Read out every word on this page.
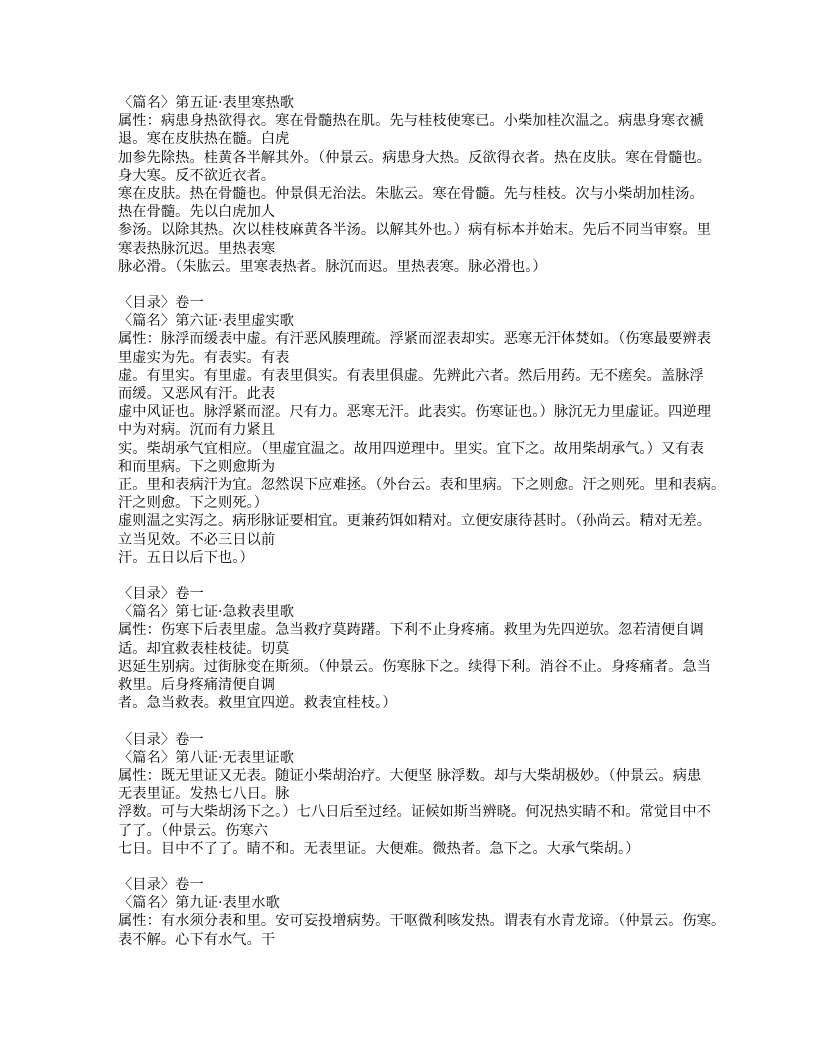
〈篇名〉第五证·表里寒热歌
属性：病患身热欲得衣。寒在骨髓热在肌。先与桂枝使寒已。小柴加桂次温之。病患身寒衣褫
退。寒在皮肤热在髓。白虎
加参先除热。桂黄各半解其外。（仲景云。病患身大热。反欲得衣者。热在皮肤。寒在骨髓也。
身大寒。反不欲近衣者。
寒在皮肤。热在骨髓也。仲景俱无治法。朱肱云。寒在骨髓。先与桂枝。次与小柴胡加桂汤。
热在骨髓。先以白虎加人
参汤。以除其热。次以桂枝麻黄各半汤。以解其外也。）病有标本并始末。先后不同当审察。里
寒表热脉沉迟。里热表寒
脉必滑。（朱肱云。里寒表热者。脉沉而迟。里热表寒。脉必滑也。）
〈目录〉卷一
〈篇名〉第六证·表里虚实歌
属性：脉浮而缓表中虚。有汗恶风腠理疏。浮紧而涩表却实。恶寒无汗体焚如。（伤寒最要辨表
里虚实为先。有表实。有表
虚。有里实。有里虚。有表里俱实。有表里俱虚。先辨此六者。然后用药。无不瘥矣。盖脉浮
而缓。又恶风有汗。此表
虚中风证也。脉浮紧而涩。尺有力。恶寒无汗。此表实。伤寒证也。）脉沉无力里虚证。四逆理
中为对病。沉而有力紧且
实。柴胡承气宜相应。（里虚宜温之。故用四逆理中。里实。宜下之。故用柴胡承气。）又有表
和而里病。下之则愈斯为
正。里和表病汗为宜。忽然误下应难拯。（外台云。表和里病。下之则愈。汗之则死。里和表病。
汗之则愈。下之则死。）
虚则温之实泻之。病形脉证要相宜。更兼药饵如精对。立便安康待甚时。（孙尚云。精对无差。
立当见效。不必三日以前
汗。五日以后下也。）
〈目录〉卷一
〈篇名〉第七证·急救表里歌
属性：伤寒下后表里虚。急当救疗莫踌躇。下利不止身疼痛。救里为先四逆欤。忽若清便自调
适。却宜救表桂枝徒。切莫
迟延生别病。过街脉变在斯须。（仲景云。伤寒脉下之。续得下利。消谷不止。身疼痛者。急当
救里。后身疼痛清便自调
者。急当救表。救里宜四逆。救表宜桂枝。）
〈目录〉卷一
〈篇名〉第八证·无表里证歌
属性：既无里证又无表。随证小柴胡治疗。大便坚 脉浮数。却与大柴胡极妙。（仲景云。病患
无表里证。发热七八日。脉
浮数。可与大柴胡汤下之。）七八日后至过经。证候如斯当辨晓。何况热实睛不和。常觉目中不
了了。（仲景云。伤寒六
七日。目中不了了。睛不和。无表里证。大便难。微热者。急下之。大承气柴胡。）
〈目录〉卷一
〈篇名〉第九证·表里水歌
属性：有水须分表和里。安可妄投增病势。干呕微利咳发热。谓表有水青龙谛。（仲景云。伤寒。
表不解。心下有水气。干
